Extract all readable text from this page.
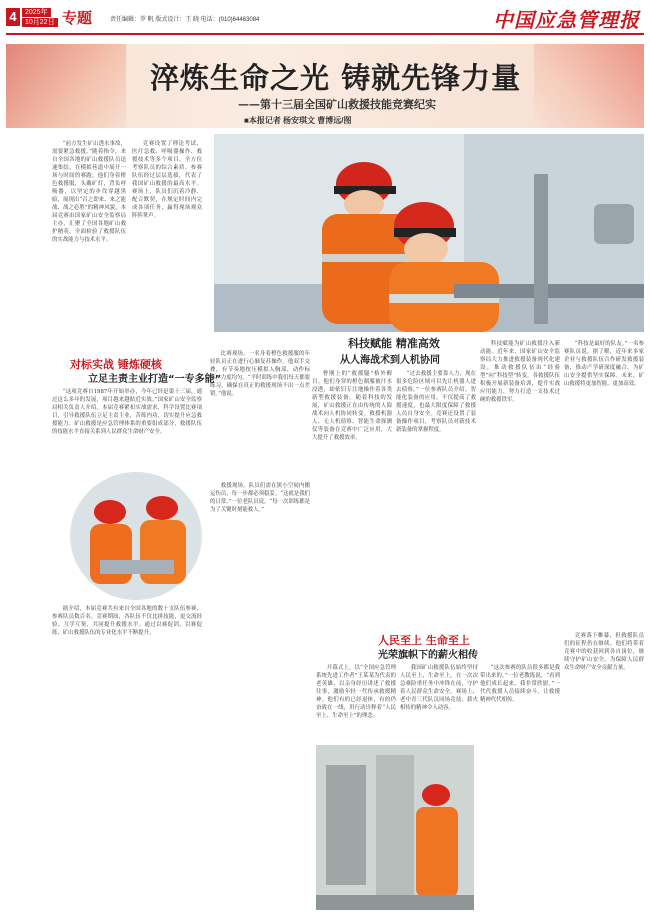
4	2025年
10月22日 专题	责任编辑：罗 帆 版式设计：王 晓 电话：(010)64463084	中国应急管理报
淬炼生命之光 铸就先锋力量
——第十三届全国矿山救援技能竞赛纪实
■本报记者 杨安琪文 曹博远/图

“前方发生矿山透水事故，需要紧急救援。”随着指令，来自全国各地的矿山救援队员迅速集结，在模拟巷道中展开一场与时间的赛跑。他们身着橙色救援服，头戴矿灯，背负呼吸器，以坚定的步伐穿越黑暗，展现出“召之即来、来之能战、战之必胜”的精神风貌。本届竞赛由国家矿山安全监察局主办，汇聚了全国各地矿山救护精英，全面检验了救援队伍的实战能力与技术水平。

竞赛设置了理论考试、医疗急救、呼吸器操作、救援技术等多个项目，全方位考察队员的综合素质。参赛队伍经过层层选拔，代表了我国矿山救援的最高水平。赛场上，队员们沉着冷静、配合默契，在规定时间内完成各项任务，赢得现场观众阵阵掌声。

对标实战 锤炼硬核
立足主责主业打造“一专多能”

“这项竞赛自1987年开始举办，今年已经是第十三届，通过这么多年的发展，项目越来越贴近实战。”国家矿山安全监察局相关负责人介绍。本届竞赛紧扣实战需求，科学设置比赛项目，引导救援队伍立足主责主业，苦练内功，切实提升应急救援能力。矿山救援是应急管理体系的重要组成部分，救援队伍的技能水平直接关系到人民群众生命财产安全。

比赛现场，一名身着橙色救援服的年轻队员正在进行心肺复苏操作。他双手交叠，有节奏地按压模拟人胸部，动作标准、力度均匀。“平时训练中我们每天都要练习，确保在真正的救援现场不出一点差错。”他说。

据介绍，本届竞赛共有来自全国各地的数十支队伍参赛，参赛队员数百名。竞赛期间，各队伍不仅比拼技能，更交流经验、互学互鉴，共同提升救援水平。通过以赛促训、以赛促练，矿山救援队伍的专业化水平不断提升。

救援现场，队员们需在狭小空间内搬运伤员，每一步都必须稳妥。“这就是我们的日常。”一位老队员说，“每一次训练都是为了关键时刻能救人。”

科技赋能 精准高效
从人海战术到人机协同

曹刚上的“救援腿”格外醒目。他们身穿的橙色制服被汗水浸透，却依旧专注地操作着各类新型救援装备。随着科技的发展，矿山救援正在由传统的人海战术向人机协同转变。救援机器人、无人机侦察、智能生命探测仪等装备在竞赛中广泛应用，大大提升了救援效率。

“过去救援主要靠人力，现在很多危险区域可以先让机器人进去侦察。”一位参赛队员介绍。智能化装备的应用，不仅提高了救援速度，也最大限度保障了救援人员自身安全。竞赛还设置了装备操作项目，考察队员对新技术新装备的掌握程度。

科技赋能为矿山救援注入新动能。近年来，国家矿山安全监察局大力推进救援装备现代化建设，推动救援队伍由“经验型”向“科技型”转变。各救援队伍积极开展新装备培训，提升实战应用能力，努力打造一支技术过硬的救援铁军。

“科技是最好的队友。”一名参赛队员说。据了解，近年来多家企业与救援队伍合作研发救援装备，推动产学研深度融合，为矿山安全提供坚实保障。未来，矿山救援将更加智能、更加高效。

人民至上 生命至上
光荣旗帜下的薪火相传

开幕式上，以“全国应急管理系统先进工作者”王某某为代表的老英雄，以亲身经历讲述了救援往事，激励年轻一代传承救援精神。他们有的已经退休，有的仍奋战在一线，用行动诠释着“人民至上、生命至上”的理念。

我国矿山救援队伍始终坚持人民至上、生命至上，在一次次急难险重任务中冲锋在前，守护着人民群众生命安全。赛场上，老中青三代队员同场竞技，薪火相传的精神令人动容。

“这次参赛的队员很多都是我带出来的。”一位老教练说，“看到他们成长起来，我非常欣慰。”一代代救援人员接续奋斗，让救援精神代代相传。

竞赛落下帷幕，但救援队员们的征程仍在继续。他们将带着竞赛中的收获回到各自岗位，继续守护矿山安全，为保障人民群众生命财产安全贡献力量。
